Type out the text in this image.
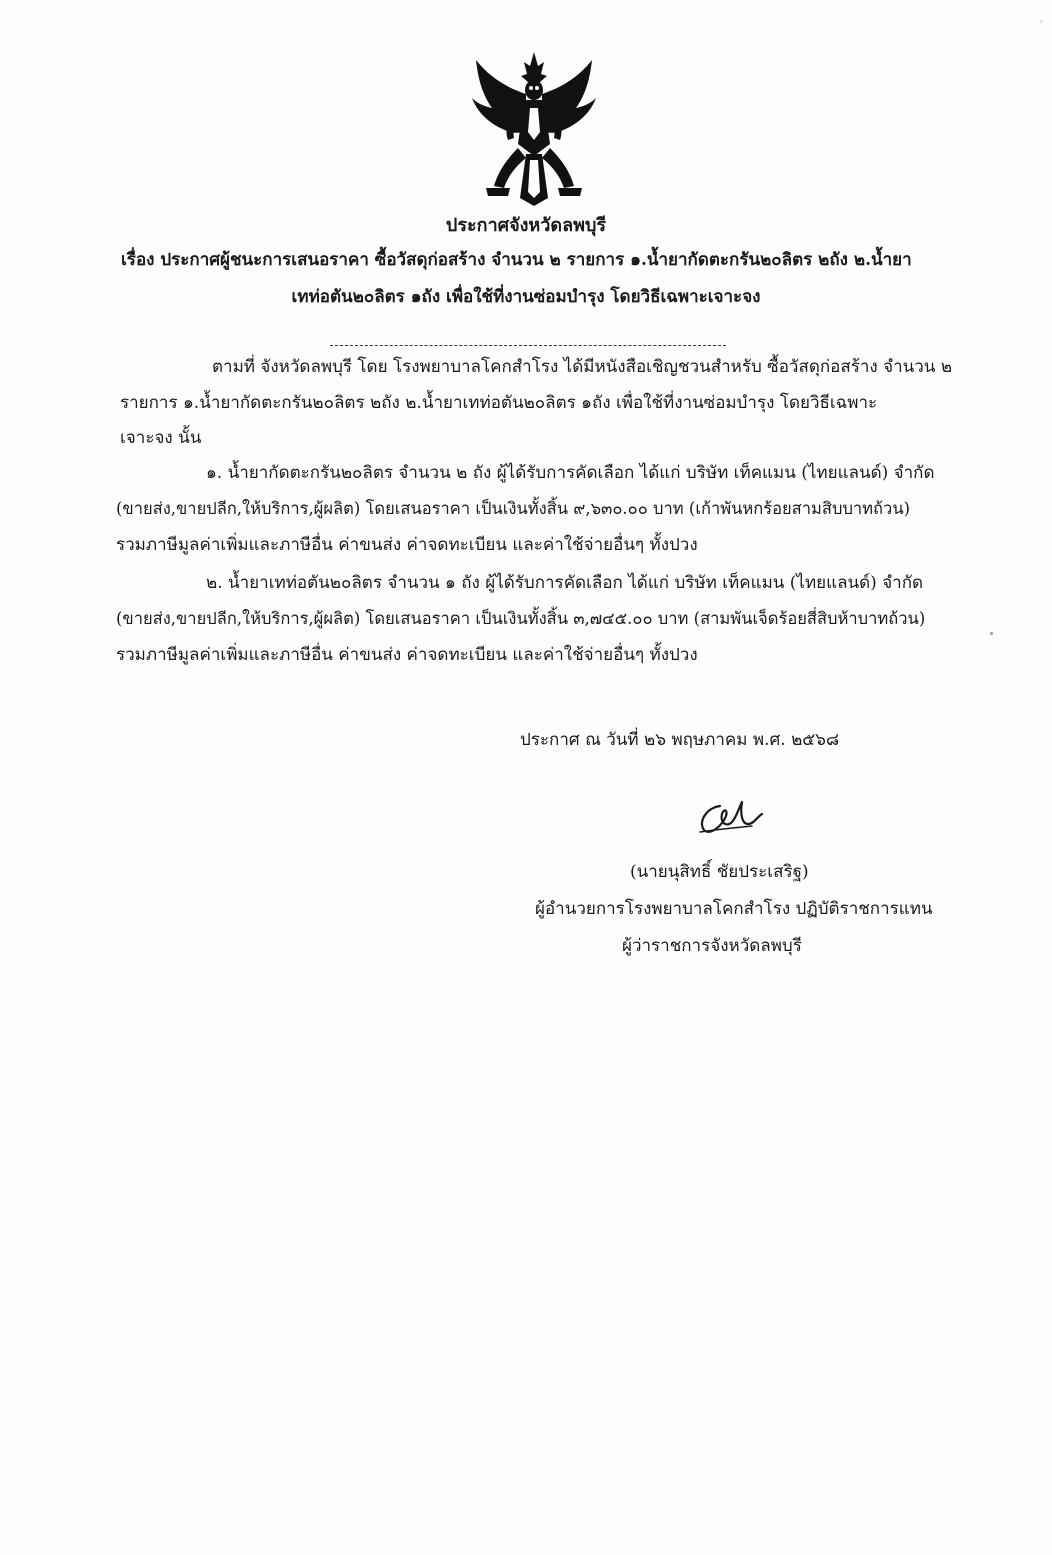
ประกาศจังหวัดลพบุรี
เรื่อง ประกาศผู้ชนะการเสนอราคา ซื้อวัสดุก่อสร้าง จำนวน ๒ รายการ ๑.น้ำยากัดตะกรัน๒๐ลิตร ๒ถัง ๒.น้ำยา
เทท่อตัน๒๐ลิตร ๑ถัง เพื่อใช้ที่งานซ่อมบำรุง โดยวิธีเฉพาะเจาะจง
ตามที่ จังหวัดลพบุรี โดย โรงพยาบาลโคกสำโรง ได้มีหนังสือเชิญชวนสำหรับ ซื้อวัสดุก่อสร้าง จำนวน ๒
รายการ ๑.น้ำยากัดตะกรัน๒๐ลิตร ๒ถัง ๒.น้ำยาเทท่อตัน๒๐ลิตร ๑ถัง เพื่อใช้ที่งานซ่อมบำรุง โดยวิธีเฉพาะ
เจาะจง นั้น
๑. น้ำยากัดตะกรัน๒๐ลิตร จำนวน ๒ ถัง ผู้ได้รับการคัดเลือก ได้แก่ บริษัท เท็คแมน (ไทยแลนด์) จำกัด
(ขายส่ง,ขายปลีก,ให้บริการ,ผู้ผลิต) โดยเสนอราคา เป็นเงินทั้งสิ้น ๙,๖๓๐.๐๐ บาท (เก้าพันหกร้อยสามสิบบาทถ้วน)
รวมภาษีมูลค่าเพิ่มและภาษีอื่น ค่าขนส่ง ค่าจดทะเบียน และค่าใช้จ่ายอื่นๆ ทั้งปวง
๒. น้ำยาเทท่อตัน๒๐ลิตร จำนวน ๑ ถัง ผู้ได้รับการคัดเลือก ได้แก่ บริษัท เท็คแมน (ไทยแลนด์) จำกัด
(ขายส่ง,ขายปลีก,ให้บริการ,ผู้ผลิต) โดยเสนอราคา เป็นเงินทั้งสิ้น ๓,๗๔๕.๐๐ บาท (สามพันเจ็ดร้อยสี่สิบห้าบาทถ้วน)
รวมภาษีมูลค่าเพิ่มและภาษีอื่น ค่าขนส่ง ค่าจดทะเบียน และค่าใช้จ่ายอื่นๆ ทั้งปวง
ประกาศ ณ วันที่ ๒๖ พฤษภาคม พ.ศ. ๒๕๖๘
(นายนุสิทธิ์ ชัยประเสริฐ)
ผู้อำนวยการโรงพยาบาลโคกสำโรง ปฏิบัติราชการแทน
ผู้ว่าราชการจังหวัดลพบุรี
